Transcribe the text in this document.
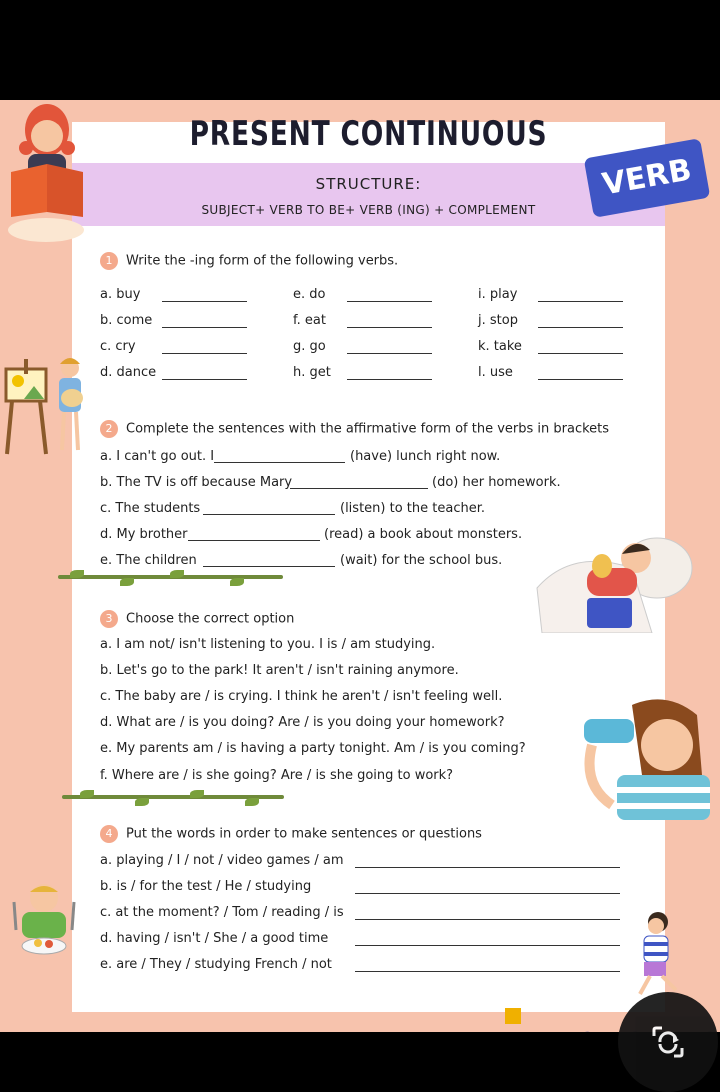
PRESENT CONTINUOUS
STRUCTURE:
SUBJECT+ VERB TO BE+ VERB (ING) + COMPLEMENT
VERB
1 Write the -ing form of the following verbs.
a. buy	e. do	i. play
b. come	f. eat	j. stop
c. cry	g. go	k. take
d. dance	h. get	l. use
2 Complete the sentences with the affirmative form of the verbs in brackets
a. I can't go out. I	(have) lunch right now.
b. The TV is off because Mary	(do) her homework.
c. The students	(listen) to the teacher.
d. My brother	(read) a book about monsters.
e. The children	(wait) for the school bus.
3 Choose the correct option
a. I am not/ isn't listening to you. I is / am studying.
b. Let's go to the park! It aren't / isn't raining anymore.
c. The baby are / is crying. I think he aren't / isn't feeling well.
d. What are / is you doing? Are / is you doing your homework?
e. My parents am / is having a party tonight. Am / is you coming?
f. Where are / is she going? Are / is she going to work?
4 Put the words in order to make sentences or questions
a. playing / I / not / video games / am
b. is / for the test / He / studying
c. at the moment? / Tom / reading / is
d. having / isn't / She / a good time
e. are / They / studying French / not
